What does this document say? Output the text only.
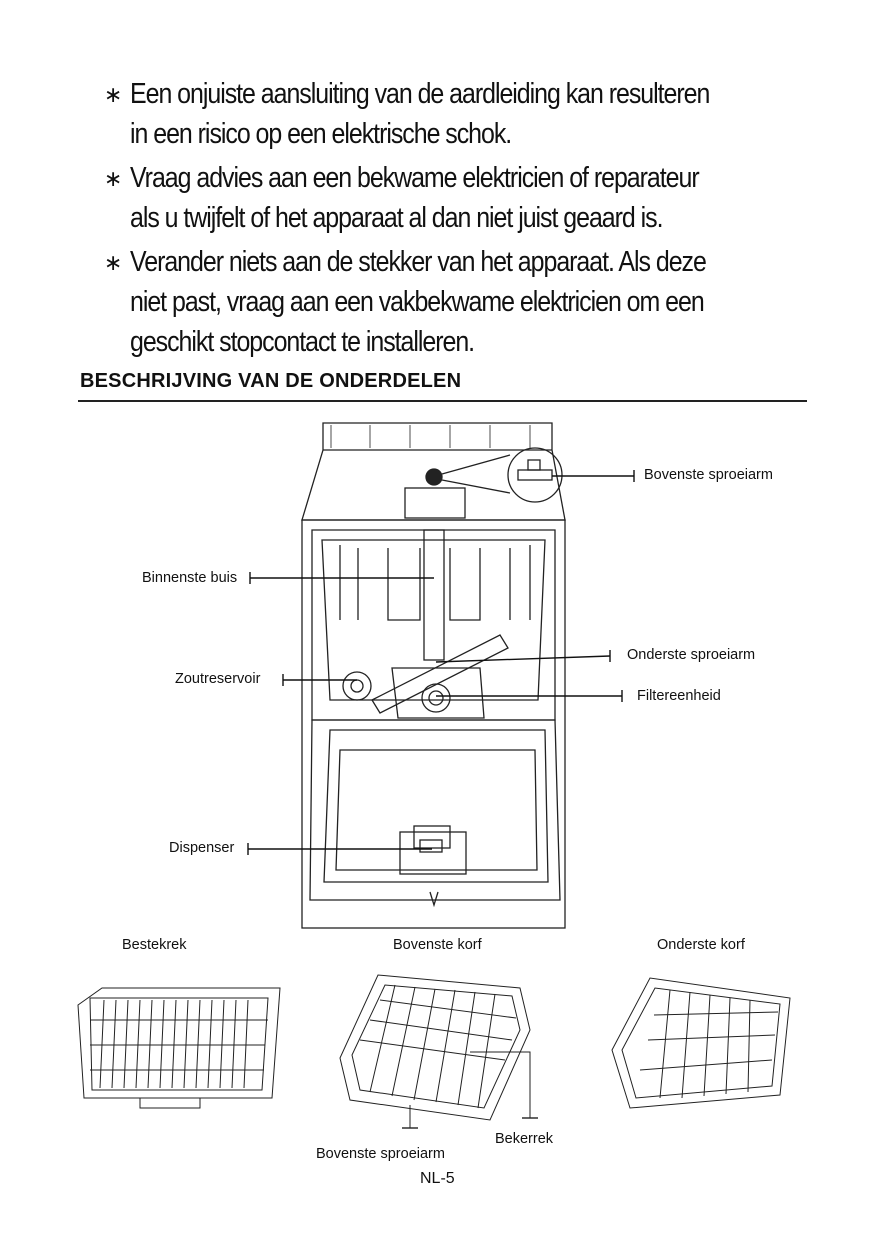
∗ Een onjuiste aansluiting van de aardleiding kan resulteren in een risico op een elektrische schok.
∗ Vraag advies aan een bekwame elektricien of reparateur als u twijfelt of het apparaat al dan niet juist geaard is.
∗ Verander niets aan de stekker van het apparaat. Als deze niet past, vraag aan een vakbekwame elektricien om een geschikt stopcontact te installeren.
BESCHRIJVING VAN DE ONDERDELEN
Bovenste sproeiarm
Binnenste buis
Onderste sproeiarm
Zoutreservoir
Filtereenheid
Dispenser
Bestekrek	Bovenste korf	Onderste korf
Bekerrek
Bovenste sproeiarm
NL-5
